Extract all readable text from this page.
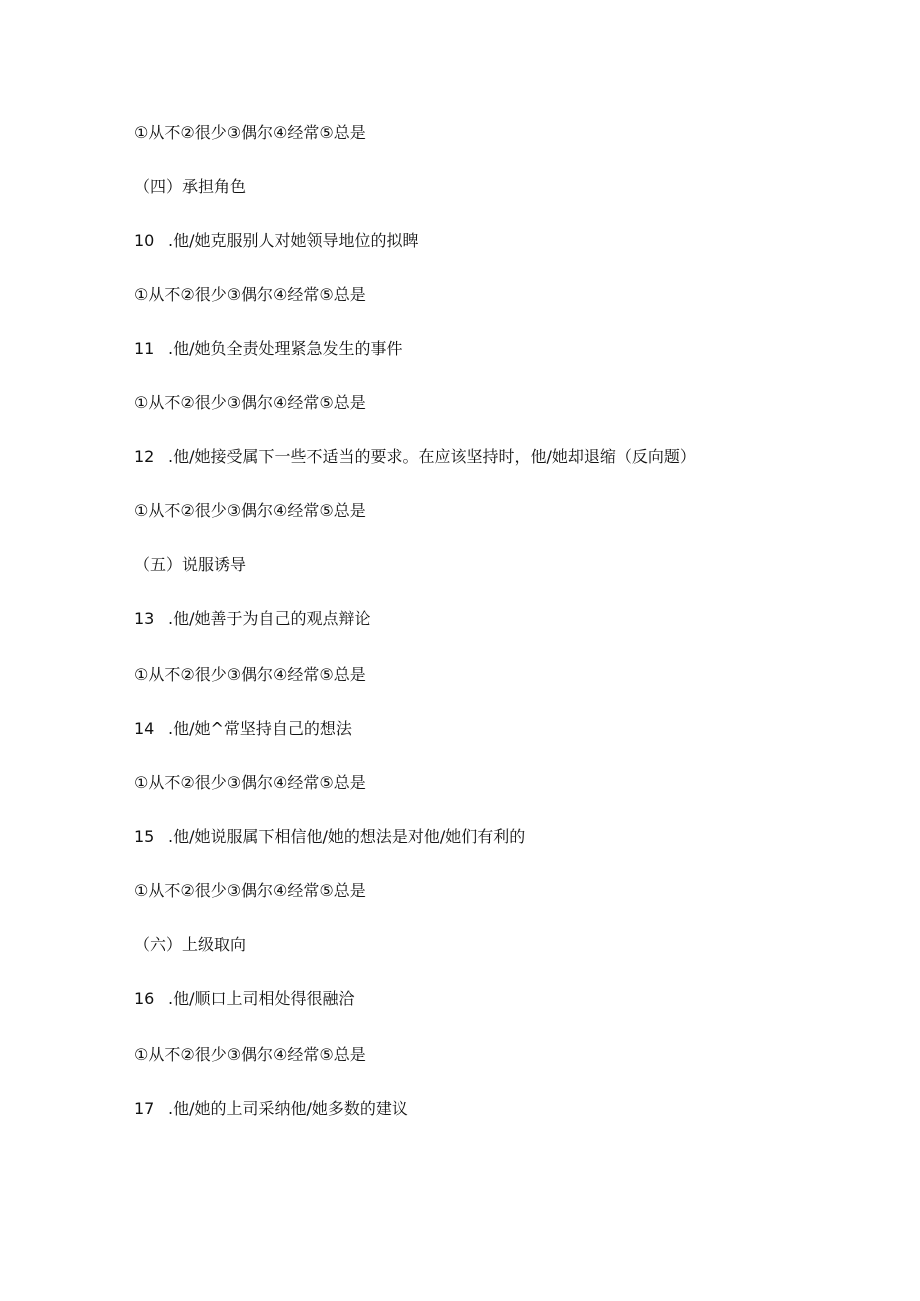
①从不②很少③偶尔④经常⑤总是
（四）承担角色
10 .他/她克服别人对她领导地位的拟睥
①从不②很少③偶尔④经常⑤总是
11 .他/她负全责处理紧急发生的事件
①从不②很少③偶尔④经常⑤总是
12 .他/她接受属下一些不适当的要求。在应该坚持时，他/她却退缩（反向题）
①从不②很少③偶尔④经常⑤总是
（五）说服诱导
13 .他/她善于为自己的观点辩论
①从不②很少③偶尔④经常⑤总是
14 .他/她^常坚持自己的想法
①从不②很少③偶尔④经常⑤总是
15 .他/她说服属下相信他/她的想法是对他/她们有利的
①从不②很少③偶尔④经常⑤总是
（六）上级取向
16 .他/顺口上司相处得很融洽
①从不②很少③偶尔④经常⑤总是
17 .他/她的上司采纳他/她多数的建议
